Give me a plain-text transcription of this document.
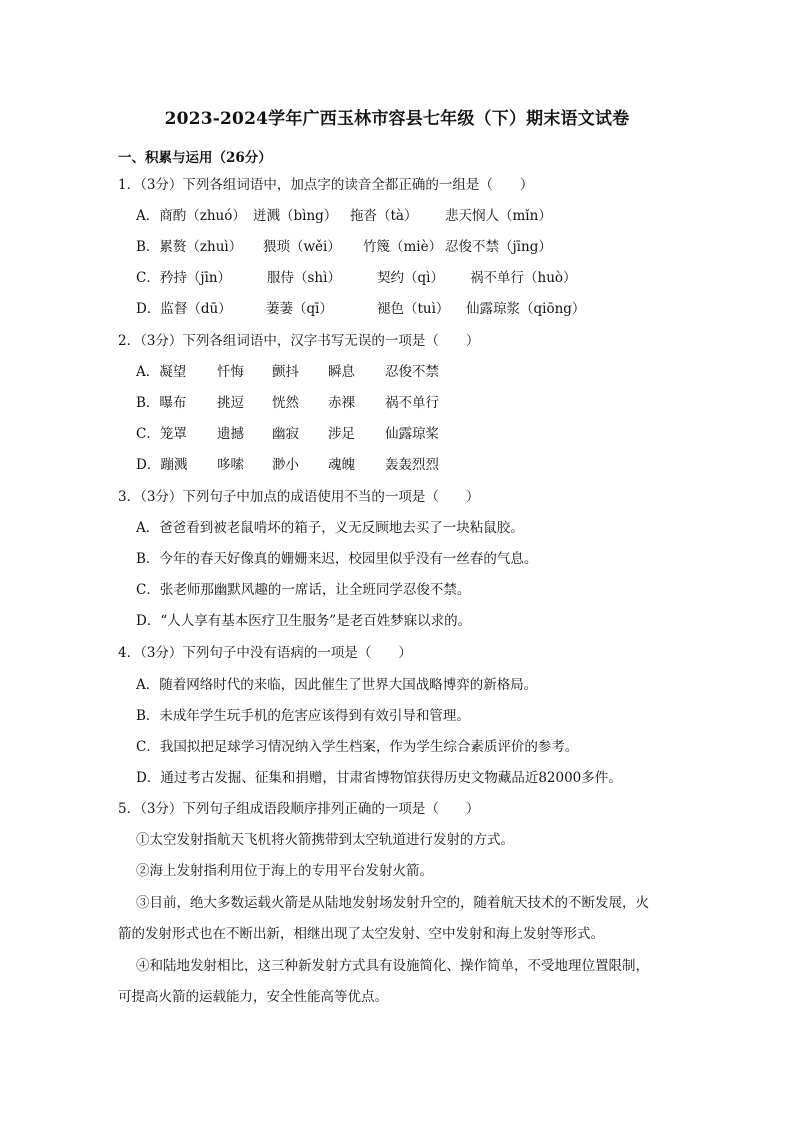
2023-2024学年广西玉林市容县七年级（下）期末语文试卷
一、积累与运用（26分）
1．（3分）下列各组词语中，加点字的读音全都正确的一组是（　　）
A．商酌（zhuó） 迸溅（bìng） 拖沓（tà） 悲天悯人（mǐn）
B．累赘（zhuì） 猥琐（wěi） 竹篾（miè） 忍俊不禁（jīng）
C．矜持（jīn）	服侍（shì）	契约（qì） 祸不单行（huò）
D．监督（dū）	萋萋（qī）	褪色（tuì） 仙露琼浆（qiōng）
2．（3分）下列各组词语中，汉字书写无误的一项是（　　）
A．凝望 忏悔 颤抖 瞬息 忍俊不禁
B．曝布 挑逗 恍然 赤裸 祸不单行
C．笼罩 遗撼 幽寂 涉足 仙露琼桨
D．蹦溅 哆嗦 渺小 魂魄 轰轰烈烈
3．（3分）下列句子中加点的成语使用不当的一项是（　　）
A．爸爸看到被老鼠啃坏的箱子，义无反顾地去买了一块粘鼠胶。
B．今年的春天好像真的姗姗来迟，校园里似乎没有一丝春的气息。
C．张老师那幽默风趣的一席话，让全班同学忍俊不禁。
D．“人人享有基本医疗卫生服务”是老百姓梦寐以求的。
4．（3分）下列句子中没有语病的一项是（　　）
A．随着网络时代的来临，因此催生了世界大国战略博弈的新格局。
B．未成年学生玩手机的危害应该得到有效引导和管理。
C．我国拟把足球学习情况纳入学生档案，作为学生综合素质评价的参考。
D．通过考古发掘、征集和捐赠，甘肃省博物馆获得历史文物藏品近82000多件。
5．（3分）下列句子组成语段顺序排列正确的一项是（　　）
①太空发射指航天飞机将火箭携带到太空轨道进行发射的方式。
②海上发射指利用位于海上的专用平台发射火箭。
③目前，绝大多数运载火箭是从陆地发射场发射升空的，随着航天技术的不断发展，火
箭的发射形式也在不断出新，相继出现了太空发射、空中发射和海上发射等形式。
④和陆地发射相比，这三种新发射方式具有设施简化、操作简单，不受地理位置限制，
可提高火箭的运载能力，安全性能高等优点。
